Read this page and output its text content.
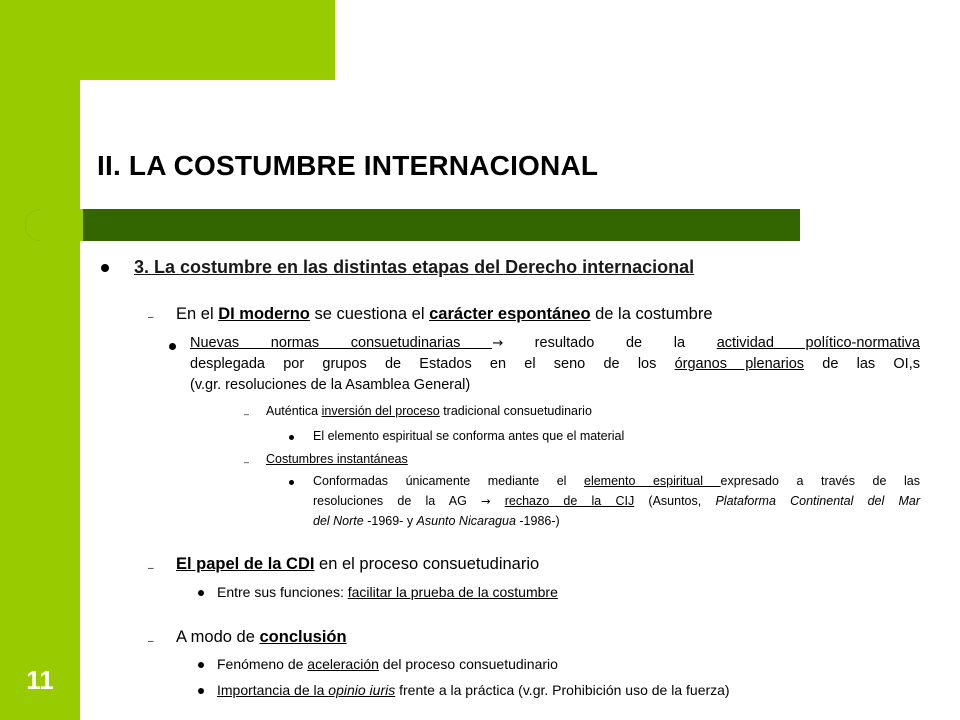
II. LA COSTUMBRE INTERNACIONAL
11
3. La costumbre en las distintas etapas del Derecho internacional
– En el DI moderno se cuestiona el carácter espontáneo de la costumbre
Nuevas normas consuetudinarias → resultado de la actividad político-normativa
desplegada por grupos de Estados en el seno de los órganos plenarios de las OI,s
(v.gr. resoluciones de la Asamblea General)
– Auténtica inversión del proceso tradicional consuetudinario
El elemento espiritual se conforma antes que el material
– Costumbres instantáneas
Conformadas únicamente mediante el elemento espiritual expresado a través de las
resoluciones de la AG → rechazo de la CIJ (Asuntos, Plataforma Continental del Mar
del Norte -1969- y Asunto Nicaragua -1986-)
– El papel de la CDI en el proceso consuetudinario
Entre sus funciones: facilitar la prueba de la costumbre
– A modo de conclusión
Fenómeno de aceleración del proceso consuetudinario
Importancia de la opinio iuris frente a la práctica (v.gr. Prohibición uso de la fuerza)
